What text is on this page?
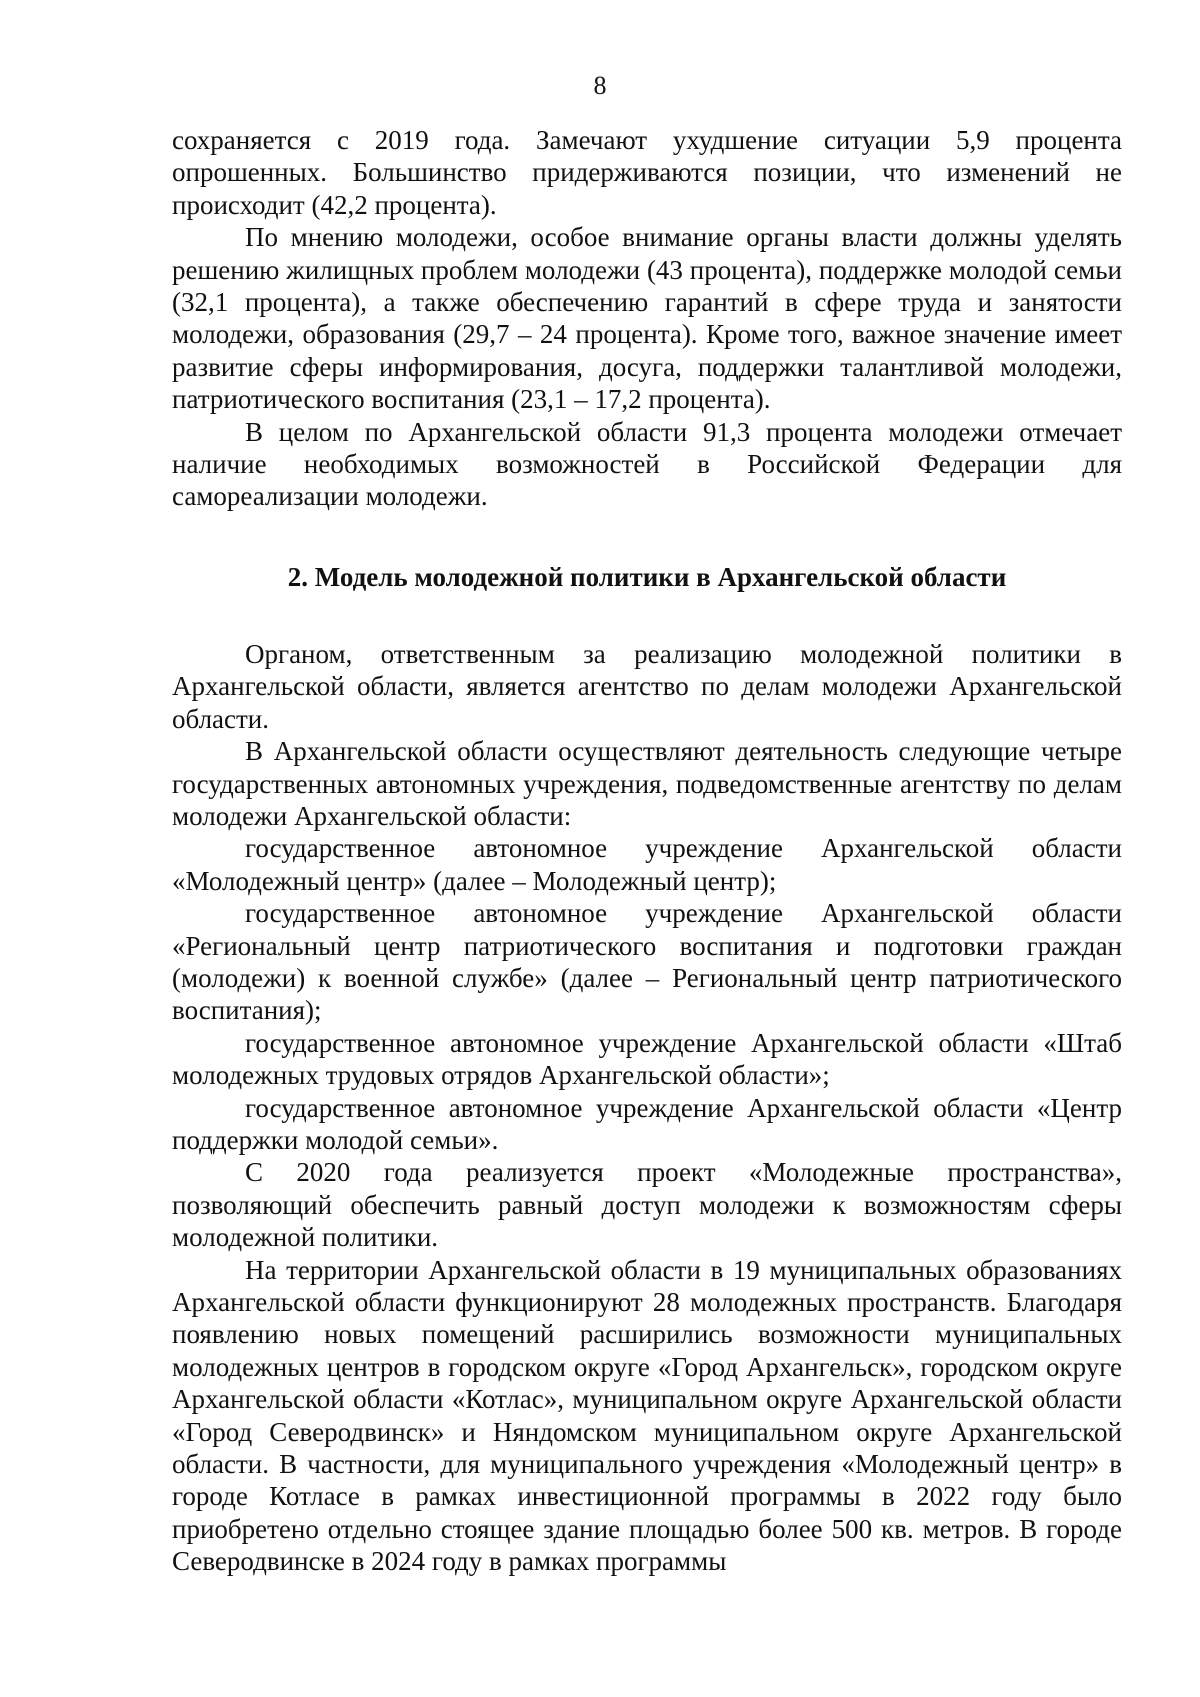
8

сохраняется с 2019 года. Замечают ухудшение ситуации 5,9 процента опрошенных. Большинство придерживаются позиции, что изменений не происходит (42,2 процента).

По мнению молодежи, особое внимание органы власти должны уделять решению жилищных проблем молодежи (43 процента), поддержке молодой семьи (32,1 процента), а также обеспечению гарантий в сфере труда и занятости молодежи, образования (29,7 – 24 процента). Кроме того, важное значение имеет развитие сферы информирования, досуга, поддержки талантливой молодежи, патриотического воспитания (23,1 – 17,2 процента).

В целом по Архангельской области 91,3 процента молодежи отмечает наличие необходимых возможностей в Российской Федерации для самореализации молодежи.

2. Модель молодежной политики в Архангельской области

Органом, ответственным за реализацию молодежной политики в Архангельской области, является агентство по делам молодежи Архангельской области.

В Архангельской области осуществляют деятельность следующие четыре государственных автономных учреждения, подведомственные агентству по делам молодежи Архангельской области:

государственное автономное учреждение Архангельской области «Молодежный центр» (далее – Молодежный центр);

государственное автономное учреждение Архангельской области «Региональный центр патриотического воспитания и подготовки граждан (молодежи) к военной службе» (далее – Региональный центр патриотического воспитания);

государственное автономное учреждение Архангельской области «Штаб молодежных трудовых отрядов Архангельской области»;

государственное автономное учреждение Архангельской области «Центр поддержки молодой семьи».

С 2020 года реализуется проект «Молодежные пространства», позволяющий обеспечить равный доступ молодежи к возможностям сферы молодежной политики.

На территории Архангельской области в 19 муниципальных образованиях Архангельской области функционируют 28 молодежных пространств. Благодаря появлению новых помещений расширились возможности муниципальных молодежных центров в городском округе «Город Архангельск», городском округе Архангельской области «Котлас», муниципальном округе Архангельской области «Город Северодвинск» и Няндомском муниципальном округе Архангельской области. В частности, для муниципального учреждения «Молодежный центр» в городе Котласе в рамках инвестиционной программы в 2022 году было приобретено отдельно стоящее здание площадью более 500 кв. метров. В городе Северодвинске в 2024 году в рамках программы
